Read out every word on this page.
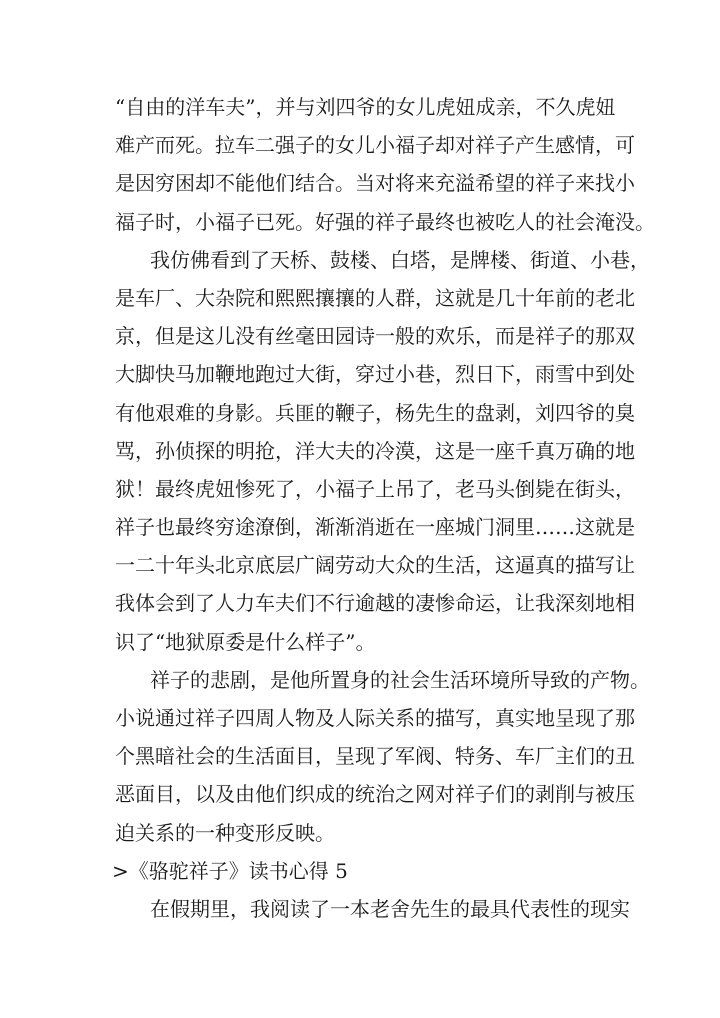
“自由的洋车夫”，并与刘四爷的女儿虎妞成亲，不久虎妞
难产而死。拉车二强子的女儿小福子却对祥子产生感情，可
是因穷困却不能他们结合。当对将来充溢希望的祥子来找小
福子时，小福子已死。好强的祥子最终也被吃人的社会淹没。
我仿佛看到了天桥、鼓楼、白塔，是牌楼、街道、小巷，
是车厂、大杂院和熙熙攘攘的人群，这就是几十年前的老北
京，但是这儿没有丝毫田园诗一般的欢乐，而是祥子的那双
大脚快马加鞭地跑过大街，穿过小巷，烈日下，雨雪中到处
有他艰难的身影。兵匪的鞭子，杨先生的盘剥，刘四爷的臭
骂，孙侦探的明抢，洋大夫的冷漠，这是一座千真万确的地
狱！最终虎妞惨死了，小福子上吊了，老马头倒毙在街头，
祥子也最终穷途潦倒，渐渐消逝在一座城门洞里……这就是
一二十年头北京底层广阔劳动大众的生活，这逼真的描写让
我体会到了人力车夫们不行逾越的凄惨命运，让我深刻地相
识了“地狱原委是什么样子”。
祥子的悲剧，是他所置身的社会生活环境所导致的产物。
小说通过祥子四周人物及人际关系的描写，真实地呈现了那
个黑暗社会的生活面目，呈现了军阀、特务、车厂主们的丑
恶面目，以及由他们织成的统治之网对祥子们的剥削与被压
迫关系的一种变形反映。
>《骆驼祥子》读书心得 5
在假期里，我阅读了一本老舍先生的最具代表性的现实
